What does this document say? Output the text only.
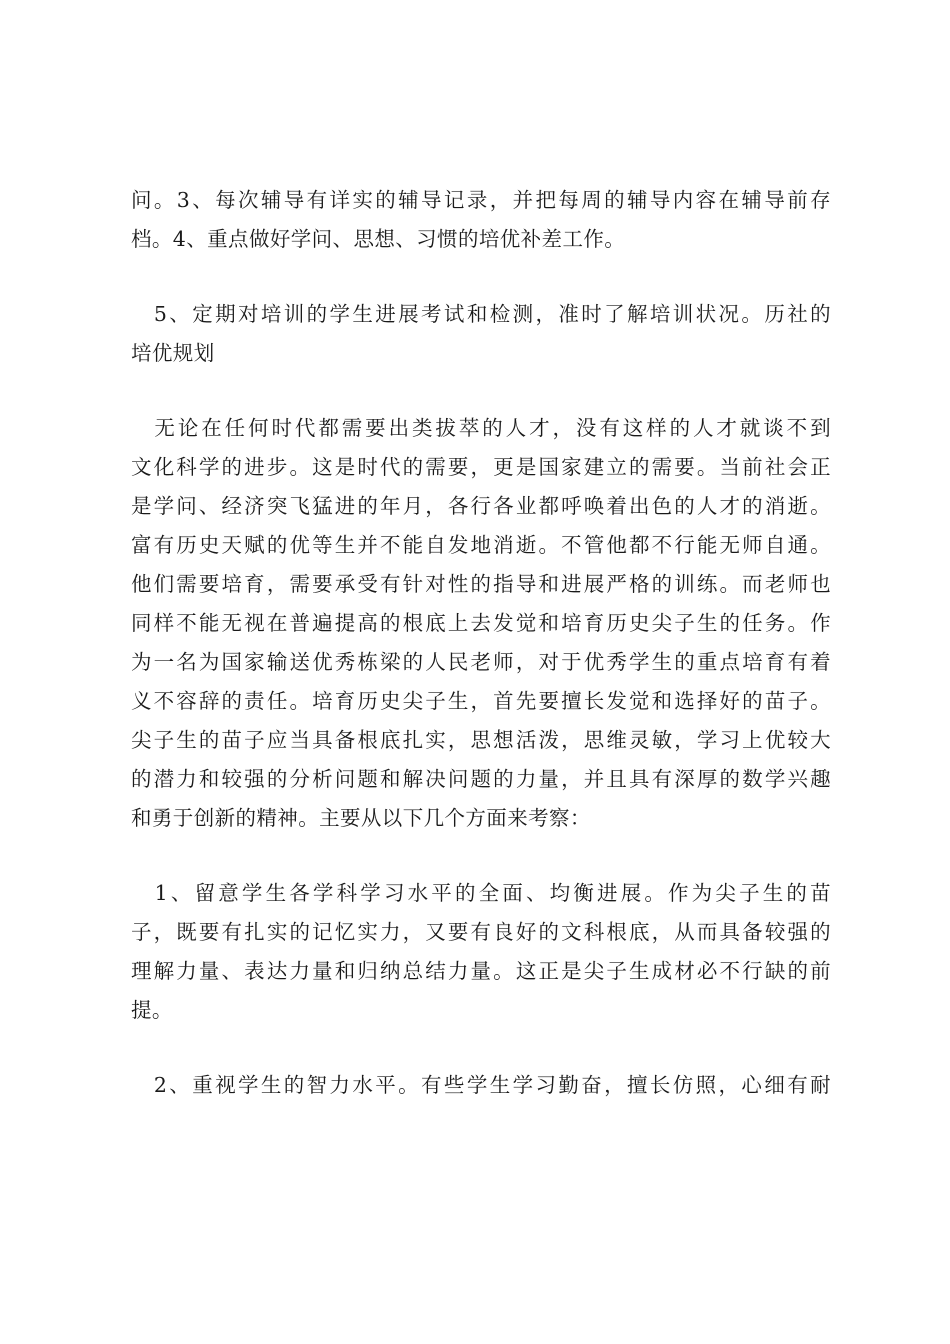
问。3、每次辅导有详实的辅导记录，并把每周的辅导内容在辅导前存
档。4、重点做好学问、思想、习惯的培优补差工作。
　5、定期对培训的学生进展考试和检测，准时了解培训状况。历社的
培优规划
　无论在任何时代都需要出类拔萃的人才，没有这样的人才就谈不到
文化科学的进步。这是时代的需要，更是国家建立的需要。当前社会正
是学问、经济突飞猛进的年月，各行各业都呼唤着出色的人才的消逝。
富有历史天赋的优等生并不能自发地消逝。不管他都不行能无师自通。
他们需要培育，需要承受有针对性的指导和进展严格的训练。而老师也
同样不能无视在普遍提高的根底上去发觉和培育历史尖子生的任务。作
为一名为国家输送优秀栋梁的人民老师，对于优秀学生的重点培育有着
义不容辞的责任。培育历史尖子生，首先要擅长发觉和选择好的苗子。
尖子生的苗子应当具备根底扎实，思想活泼，思维灵敏，学习上优较大
的潜力和较强的分析问题和解决问题的力量，并且具有深厚的数学兴趣
和勇于创新的精神。主要从以下几个方面来考察：
　1、留意学生各学科学习水平的全面、均衡进展。作为尖子生的苗
子，既要有扎实的记忆实力，又要有良好的文科根底，从而具备较强的
理解力量、表达力量和归纳总结力量。这正是尖子生成材必不行缺的前
提。
　2、重视学生的智力水平。有些学生学习勤奋，擅长仿照，心细有耐
